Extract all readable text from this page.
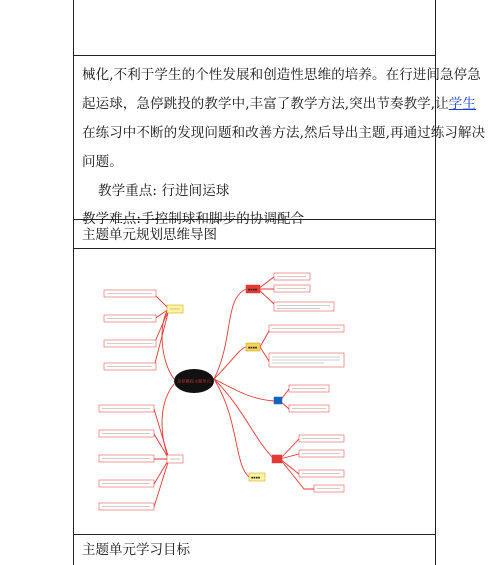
械化,不利于学生的个性发展和创造性思维的培养。在行进间急停急
起运球，急停跳投的教学中,丰富了教学方法,突出节奏教学,让学生
在练习中不断的发现问题和改善方法,然后导出主题,再通过练习解决
问题。
教学重点: 行进间运球
教学难点:手控制球和脚步的协调配合
主题单元规划思维导图
急停跳投主题单元
▪▪▪▪
▪▪▪▪
▪▪▪▪
主题单元学习目标
